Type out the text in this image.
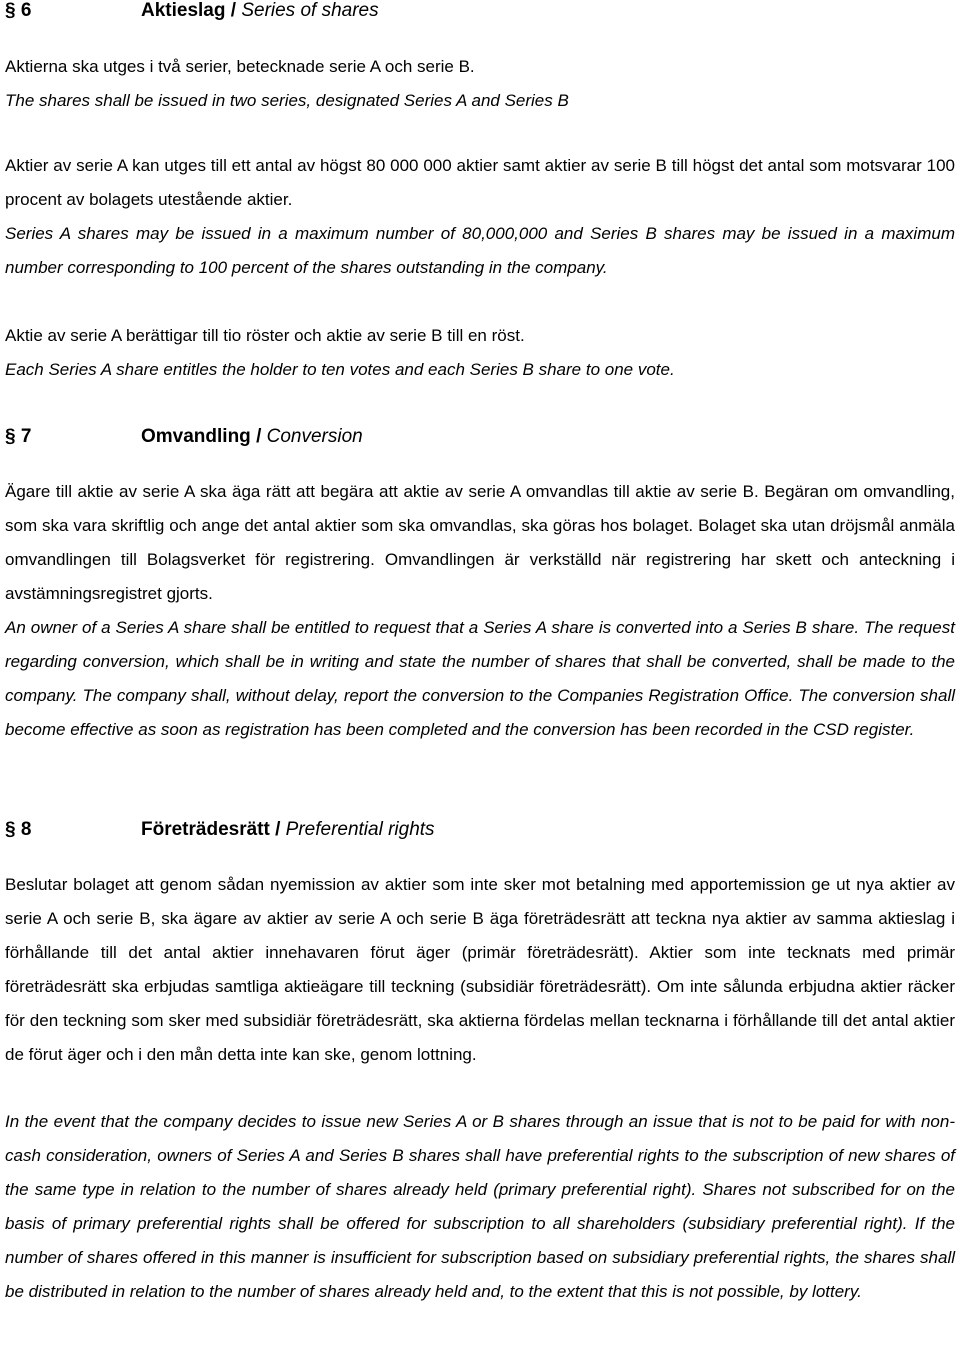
§ 6	Aktieslag / Series of shares

Aktierna ska utges i två serier, betecknade serie A och serie B.

The shares shall be issued in two series, designated Series A and Series B

Aktier av serie A kan utges till ett antal av högst 80 000 000 aktier samt aktier av serie B till högst det antal som motsvarar 100 procent av bolagets utestående aktier.

Series A shares may be issued in a maximum number of 80,000,000 and Series B shares may be issued in a maximum number corresponding to 100 percent of the shares outstanding in the company.

Aktie av serie A berättigar till tio röster och aktie av serie B till en röst.

Each Series A share entitles the holder to ten votes and each Series B share to one vote.

§ 7	Omvandling / Conversion

Ägare till aktie av serie A ska äga rätt att begära att aktie av serie A omvandlas till aktie av serie B. Begäran om omvandling, som ska vara skriftlig och ange det antal aktier som ska omvandlas, ska göras hos bolaget. Bolaget ska utan dröjsmål anmäla omvandlingen till Bolagsverket för registrering. Omvandlingen är verkställd när registrering har skett och anteckning i avstämningsregistret gjorts.

An owner of a Series A share shall be entitled to request that a Series A share is converted into a Series B share. The request regarding conversion, which shall be in writing and state the number of shares that shall be converted, shall be made to the company. The company shall, without delay, report the conversion to the Companies Registration Office. The conversion shall become effective as soon as registration has been completed and the conversion has been recorded in the CSD register.

§ 8	Företrädesrätt / Preferential rights

Beslutar bolaget att genom sådan nyemission av aktier som inte sker mot betalning med apportemission ge ut nya aktier av serie A och serie B, ska ägare av aktier av serie A och serie B äga företrädesrätt att teckna nya aktier av samma aktieslag i förhållande till det antal aktier innehavaren förut äger (primär företrädesrätt). Aktier som inte tecknats med primär företrädesrätt ska erbjudas samtliga aktieägare till teckning (subsidiär företrädesrätt). Om inte sålunda erbjudna aktier räcker för den teckning som sker med subsidiär företrädesrätt, ska aktierna fördelas mellan tecknarna i förhållande till det antal aktier de förut äger och i den mån detta inte kan ske, genom lottning.

In the event that the company decides to issue new Series A or B shares through an issue that is not to be paid for with non-cash consideration, owners of Series A and Series B shares shall have preferential rights to the subscription of new shares of the same type in relation to the number of shares already held (primary preferential right). Shares not subscribed for on the basis of primary preferential rights shall be offered for subscription to all shareholders (subsidiary preferential right). If the number of shares offered in this manner is insufficient for subscription based on subsidiary preferential rights, the shares shall be distributed in relation to the number of shares already held and, to the extent that this is not possible, by lottery.
